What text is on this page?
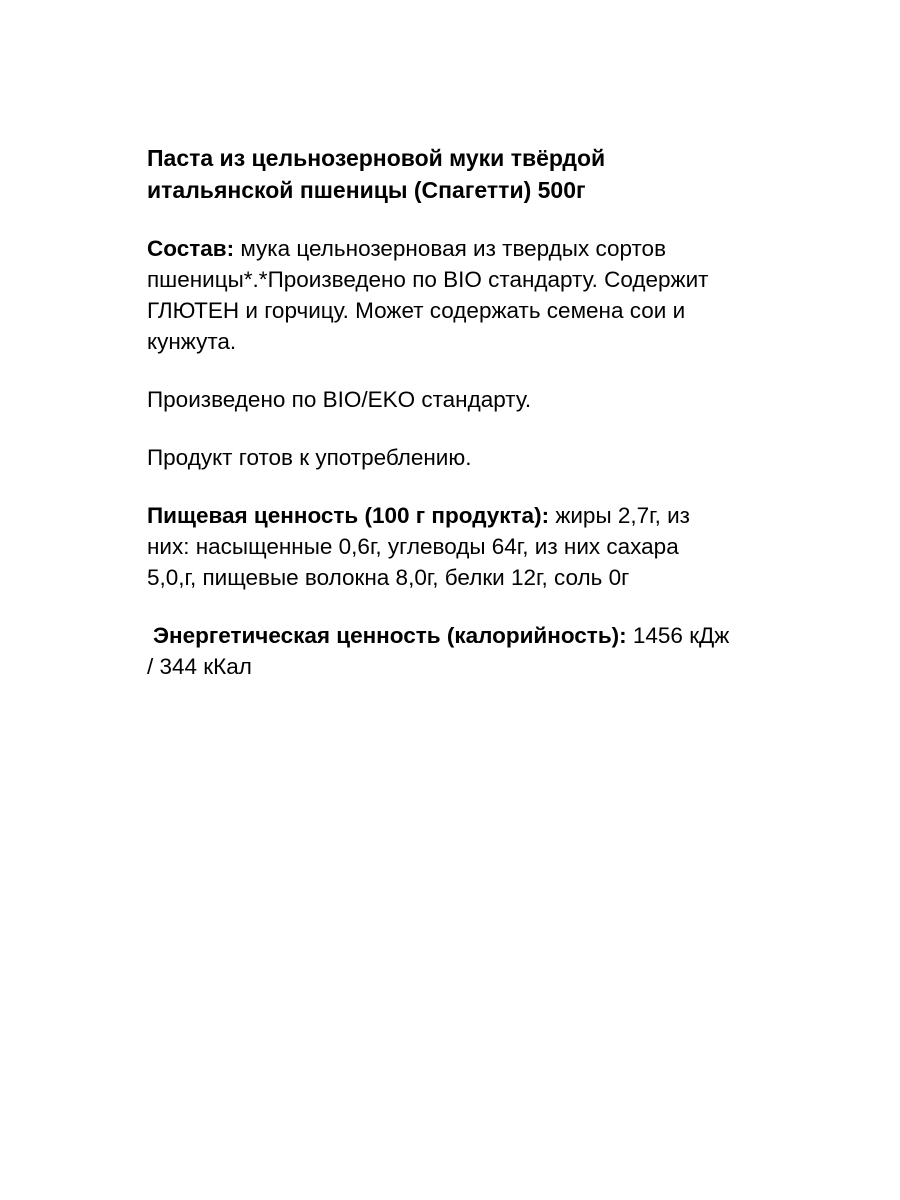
Паста из цельнозерновой муки твёрдой
итальянской пшеницы (Спагетти) 500г
Состав: мука цельнозерновая из твердых сортов
пшеницы*.*Произведено по BIO стандарту. Содержит
ГЛЮТЕН и горчицу. Может содержать семена сои и
кунжута.
Произведено по BIO/EKO стандарту.
Продукт готов к употреблению.
Пищевая ценность (100 г продукта): жиры 2,7г, из
них: насыщенные 0,6г, углеводы 64г, из них сахара
5,0,г, пищевые волокна 8,0г, белки 12г, соль 0г
Энергетическая ценность (калорийность): 1456 кДж
/ 344 кКал
